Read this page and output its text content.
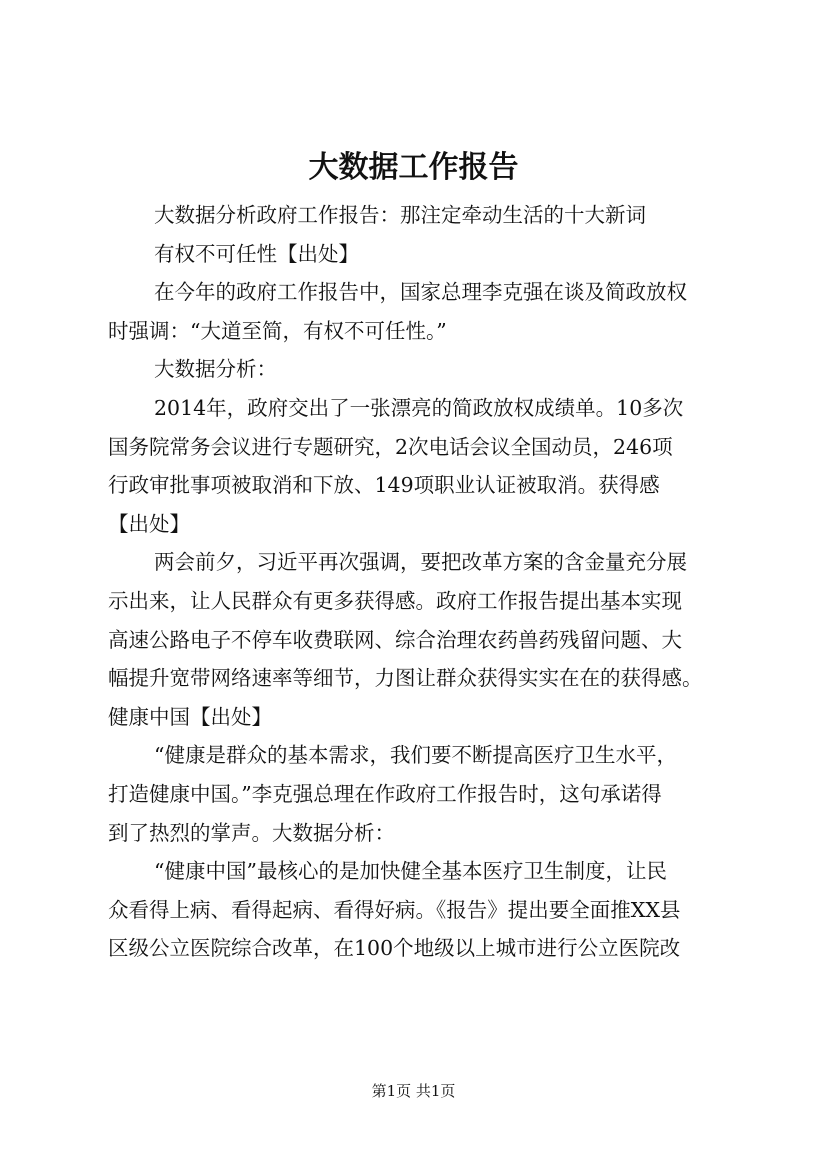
大数据工作报告
大数据分析政府工作报告：那注定牵动生活的十大新词
有权不可任性【出处】
在今年的政府工作报告中，国家总理李克强在谈及简政放权
时强调：“大道至简，有权不可任性。”
大数据分析：
2014年，政府交出了一张漂亮的简政放权成绩单。10多次
国务院常务会议进行专题研究，2次电话会议全国动员，246项
行政审批事项被取消和下放、149项职业认证被取消。获得感
【出处】
两会前夕，习近平再次强调，要把改革方案的含金量充分展
示出来，让人民群众有更多获得感。政府工作报告提出基本实现
高速公路电子不停车收费联网、综合治理农药兽药残留问题、大
幅提升宽带网络速率等细节，力图让群众获得实实在在的获得感。
健康中国【出处】
“健康是群众的基本需求，我们要不断提高医疗卫生水平，
打造健康中国。”李克强总理在作政府工作报告时，这句承诺得
到了热烈的掌声。大数据分析：
“健康中国”最核心的是加快健全基本医疗卫生制度，让民
众看得上病、看得起病、看得好病。《报告》提出要全面推XX县
区级公立医院综合改革，在100个地级以上城市进行公立医院改
第1页 共1页
